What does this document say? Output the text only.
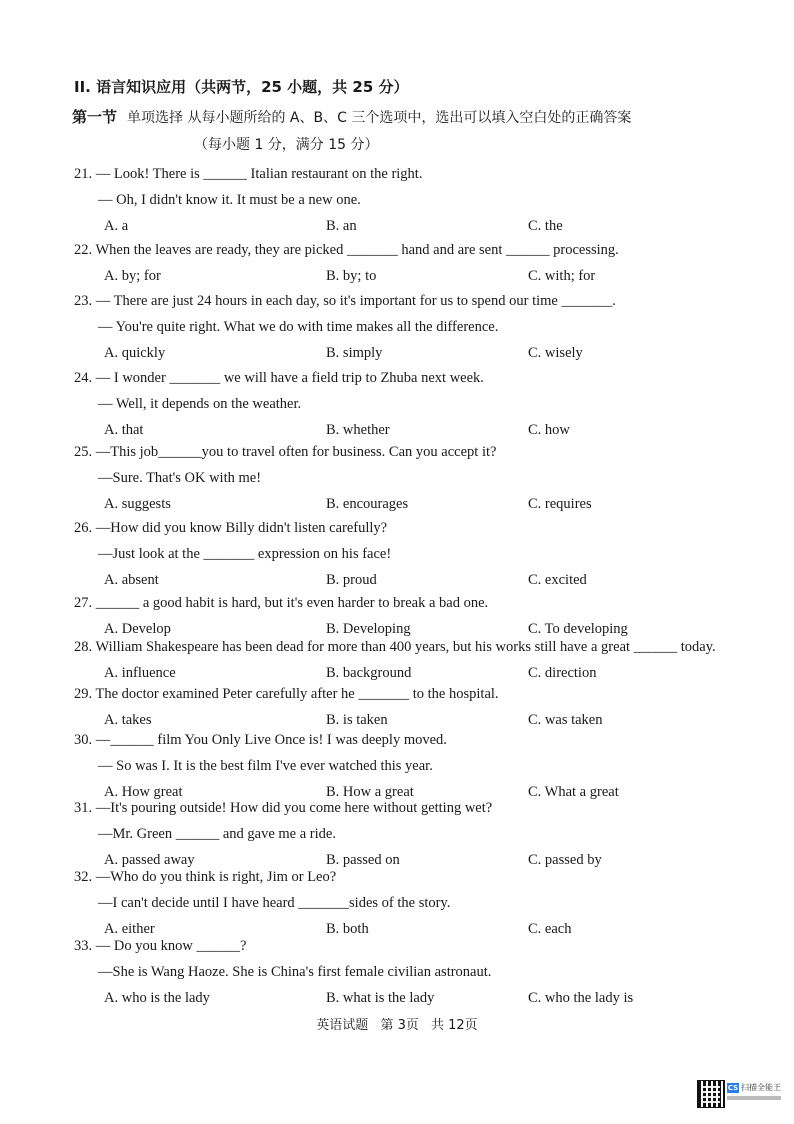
II. 语言知识应用（共两节，25 小题，共 25 分）
第一节 单项选择 从每小题所给的 A、B、C 三个选项中，选出可以填入空白处的正确答案
（每小题 1 分，满分 15 分）
21. — Look! There is ______ Italian restaurant on the right.
— Oh, I didn't know it. It must be a new one.
A. a	B. an	C. the
22. When the leaves are ready, they are picked _______ hand and are sent ______ processing.
A. by; for	B. by; to	C. with; for
23. — There are just 24 hours in each day, so it's important for us to spend our time _______.
— You're quite right. What we do with time makes all the difference.
A. quickly	B. simply	C. wisely
24. — I wonder _______ we will have a field trip to Zhuba next week.
— Well, it depends on the weather.
A. that	B. whether	C. how
25. —This job______you to travel often for business. Can you accept it?
—Sure. That's OK with me!
A. suggests	B. encourages	C. requires
26. —How did you know Billy didn't listen carefully?
—Just look at the _______ expression on his face!
A. absent	B. proud	C. excited
27. ______ a good habit is hard, but it's even harder to break a bad one.
A. Develop	B. Developing	C. To developing
28. William Shakespeare has been dead for more than 400 years, but his works still have a great ______ today.
A. influence	B. background	C. direction
29. The doctor examined Peter carefully after he _______ to the hospital.
A. takes	B. is taken	C. was taken
30. —______ film You Only Live Once is! I was deeply moved.
— So was I. It is the best film I've ever watched this year.
A. How great	B. How a great	C. What a great
31. —It's pouring outside! How did you come here without getting wet?
—Mr. Green ______ and gave me a ride.
A. passed away	B. passed on	C. passed by
32. —Who do you think is right, Jim or Leo?
—I can't decide until I have heard _______sides of the story.
A. either	B. both	C. each
33. — Do you know ______?
—She is Wang Haoze. She is China's first female civilian astronaut.
A. who is the lady	B. what is the lady	C. who the lady is
英语试题 第 3页 共 12页
CS 扫描全能王
